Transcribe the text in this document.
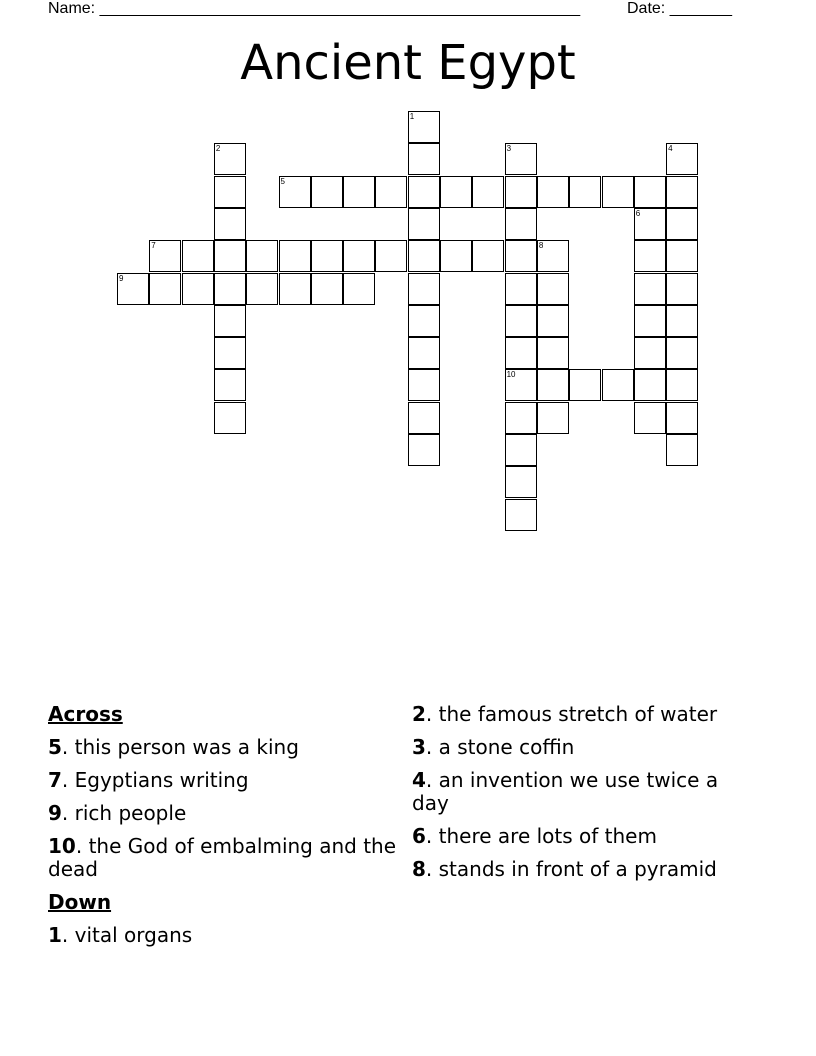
Name: ______________________________________________________	Date: _______
Ancient Egypt
1
2	3
10
4
5
6
7	8
9
Across
5. this person was a king
7. Egyptians writing
9. rich people
10. the God of embalming and the dead
Down
1. vital organs
2. the famous stretch of water
3. a stone coffin
4. an invention we use twice a day
6. there are lots of them
8. stands in front of a pyramid
